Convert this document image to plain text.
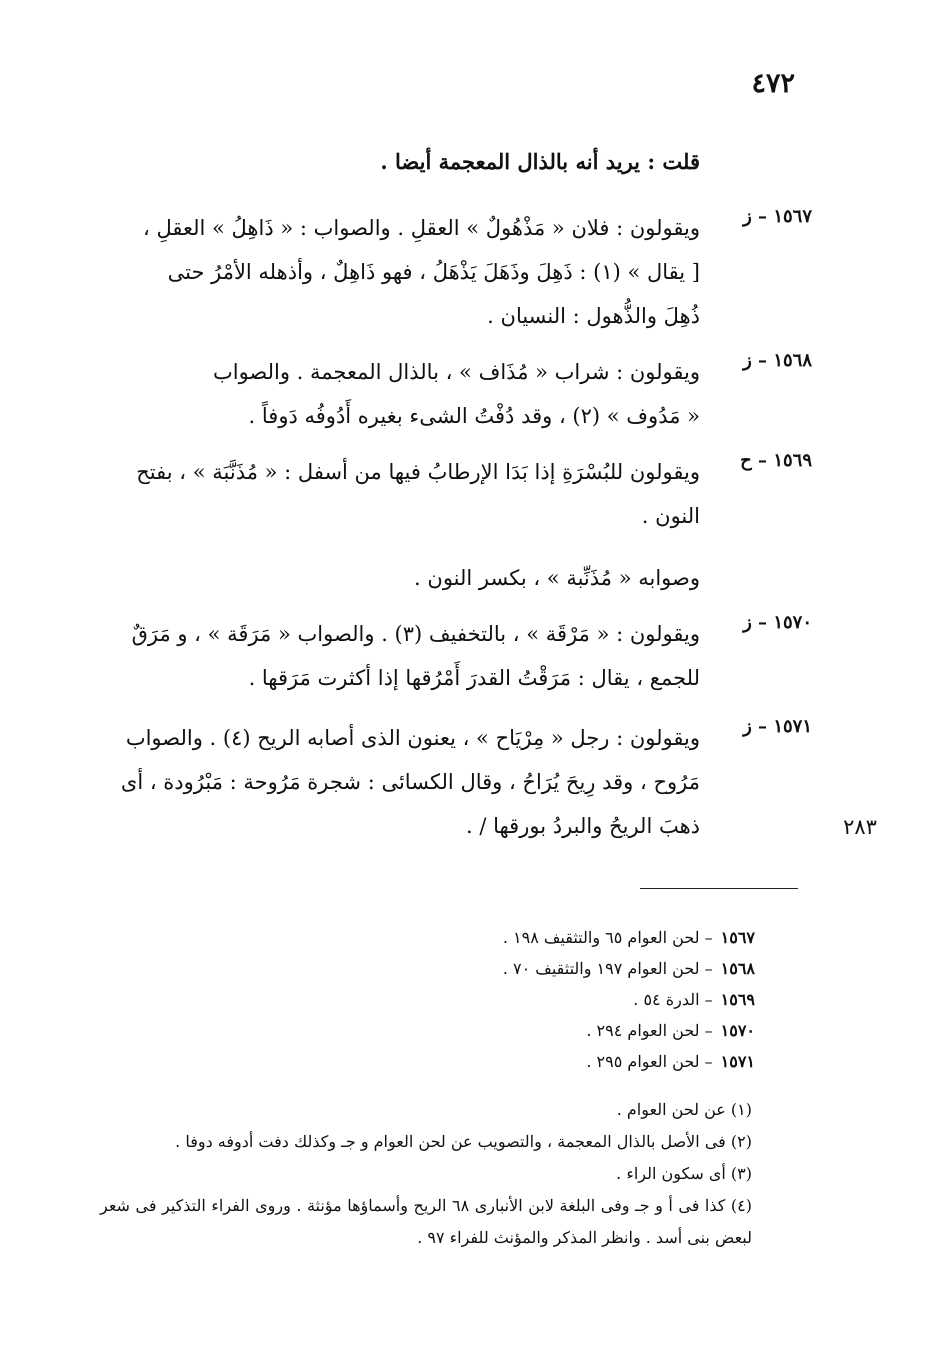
٤٧٢
٢٨٣
قلت : يريد أنه بالذال المعجمة أيضا .
١٥٦٧ – ز
ويقولون : فلان « مَذْهُولٌ » العقلِ . والصواب : « ذَاهِلُ » العقلِ ،
[ يقال » (١) : ذَهِلَ وذَهَلَ يَذْهَلُ ، فهو ذَاهِلٌ ، وأذهله الأمْرُ حتى
ذُهِلَ والذُّهول : النسيان .
١٥٦٨ – ز
ويقولون : شراب « مُذَاف » ، بالذال المعجمة . والصواب
« مَدُوف » (٢) ، وقد دُفْتُ الشىء بغيره أَدُوفُه دَوفاً .
١٥٦٩ – ح
ويقولون للبُسْرَةِ إذا بَدَا الإرطابُ فيها من أسفل : « مُذَنَّبَة » ، بفتح
النون .
وصوابه « مُذَنِّبة » ، بكسر النون .
١٥٧٠ – ز
ويقولون : « مَرْقَة » ، بالتخفيف (٣) . والصواب « مَرَقَة » ، و مَرَقٌ
للجمع ، يقال : مَرَقْتُ القدرَ أَمْرُقها إذا أكثرت مَرَقها .
١٥٧١ – ز
ويقولون : رجل « مِرْيَاح » ، يعنون الذى أصابه الريح (٤) . والصواب
مَرُوح ، وقد رِيحَ يُرَاحُ ، وقال الكسائى : شجرة مَرُوحة : مَبْرُودة ، أى
ذهبَ الريحُ والبردُ بورقها / .
١٥٦٧– لحن العوام ٦٥ والتثقيف ١٩٨ .
١٥٦٨– لحن العوام ١٩٧ والتثقيف ٧٠ .
١٥٦٩– الدرة ٥٤ .
١٥٧٠– لحن العوام ٢٩٤ .
١٥٧١– لحن العوام ٢٩٥ .
(١) عن لحن العوام .
(٢) فى الأصل بالذال المعجمة ، والتصويب عن لحن العوام و جـ وكذلك دفت أدوفه دوفا .
(٣) أى سكون الراء .
(٤) كذا فى أ و جـ وفى البلغة لابن الأنبارى ٦٨ الريح وأسماؤها مؤنثة . وروى الفراء التذكير فى شعر لبعض بنى أسد . وانظر المذكر والمؤنث للفراء ٩٧ .
